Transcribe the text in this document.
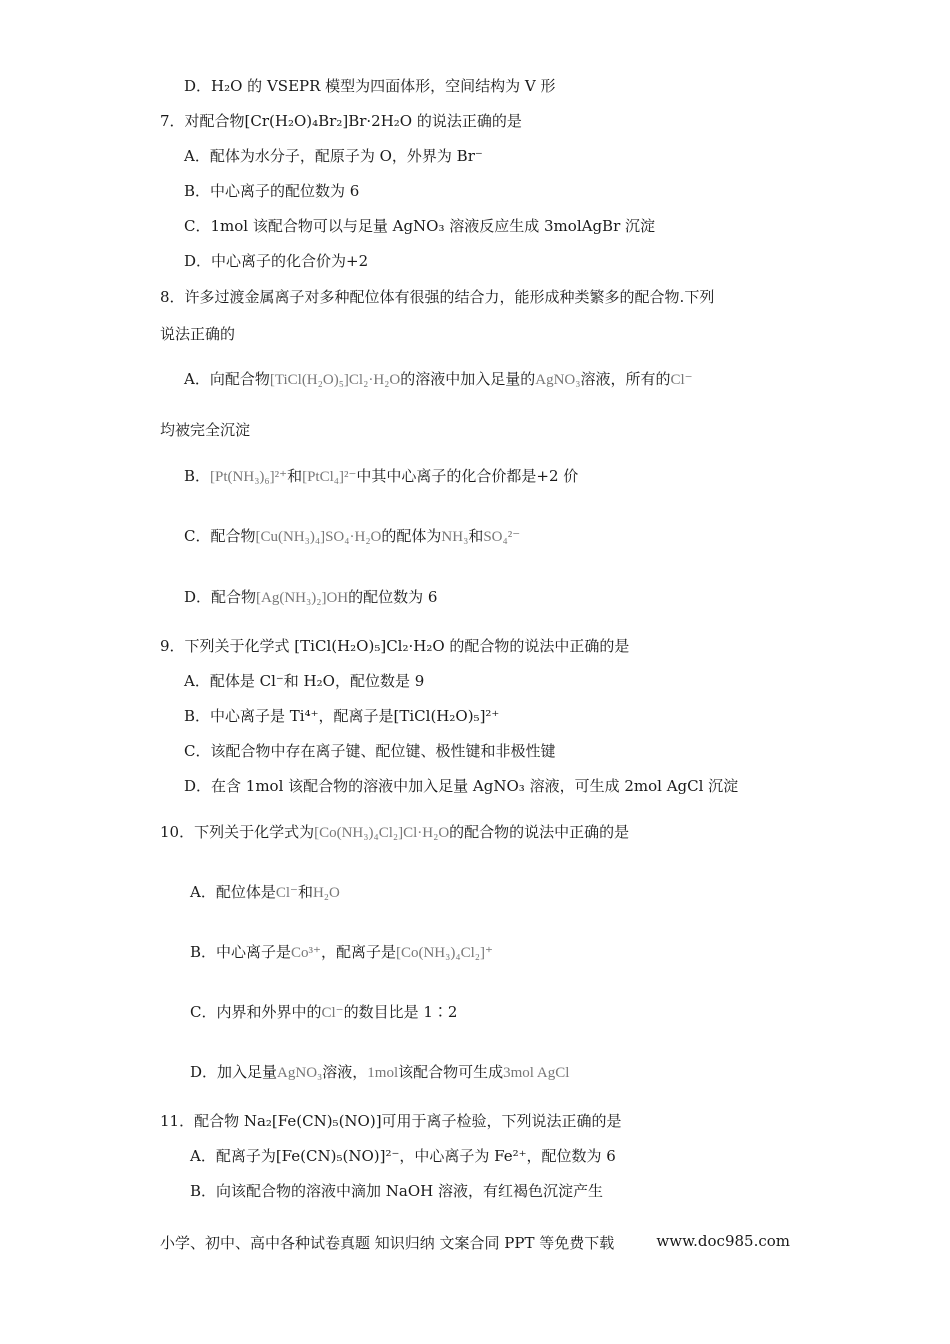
D．H₂O 的 VSEPR 模型为四面体形，空间结构为 V 形
7．对配合物[Cr(H₂O)₄Br₂]Br·2H₂O 的说法正确的是
A．配体为水分子，配原子为 O，外界为 Br⁻
B．中心离子的配位数为 6
C．1mol 该配合物可以与足量 AgNO₃ 溶液反应生成 3molAgBr 沉淀
D．中心离子的化合价为+2
8．许多过渡金属离子对多种配位体有很强的结合力，能形成种类繁多的配合物.下列
说法正确的
A．向配合物[TiCl(H₂O)₅]Cl₂·H₂O的溶液中加入足量的AgNO₃溶液，所有的Cl⁻
均被完全沉淀
B．[Pt(NH₃)₆]²⁺和[PtCl₄]²⁻中其中心离子的化合价都是+2 价
C．配合物[Cu(NH₃)₄]SO₄·H₂O的配体为NH₃和SO₄²⁻
D．配合物[Ag(NH₃)₂]OH的配位数为 6
9．下列关于化学式 [TiCl(H₂O)₅]Cl₂·H₂O 的配合物的说法中正确的是
A．配体是 Cl⁻和 H₂O，配位数是 9
B．中心离子是 Ti⁴⁺，配离子是[TiCl(H₂O)₅]²⁺
C．该配合物中存在离子键、配位键、极性键和非极性键
D．在含 1mol 该配合物的溶液中加入足量 AgNO₃ 溶液，可生成 2mol AgCl 沉淀
10．下列关于化学式为[Co(NH₃)₄Cl₂]Cl·H₂O的配合物的说法中正确的是
A．配位体是Cl⁻和H₂O
B．中心离子是Co³⁺，配离子是[Co(NH₃)₄Cl₂]⁺
C．内界和外界中的Cl⁻的数目比是 1∶2
D．加入足量AgNO₃溶液，1mol该配合物可生成3mol AgCl
11．配合物 Na₂[Fe(CN)₅(NO)]可用于离子检验，下列说法正确的是
A．配离子为[Fe(CN)₅(NO)]²⁻，中心离子为 Fe²⁺，配位数为 6
B．向该配合物的溶液中滴加 NaOH 溶液，有红褐色沉淀产生
小学、初中、高中各种试卷真题 知识归纳 文案合同 PPT 等免费下载	www.doc985.com
